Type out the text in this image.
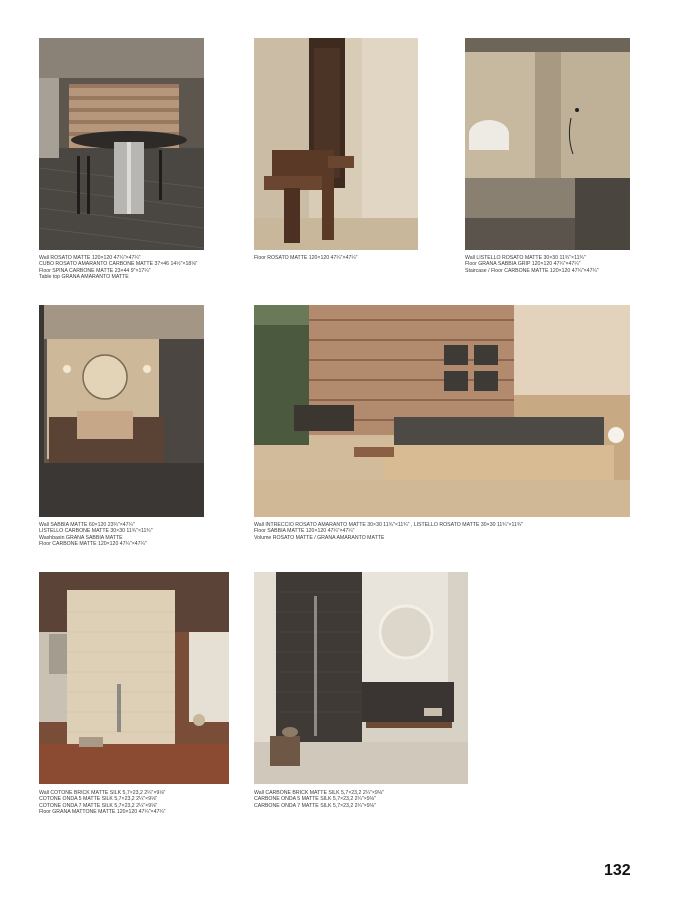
Wall ROSATO MATTE 120×120 47¼"×47¼"
CUBO ROSATO AMARANTO CARBONE MATTE 37×46 14½"×18⅛"
Floor SPINA CARBONE MATTE 23×44 9"×17¼"
Table top GRANA AMARANTO MATTE
Floor ROSATO MATTE 120×120 47¼"×47¼"	Wall LISTELLO ROSATO MATTE 30×30 11¾"×11¾"
Floor GRANA SABBIA GRIP 120×120 47¼"×47¼"
Staircase / Floor CARBONE MATTE 120×120 47¼"×47¼"
Wall SABBIA MATTE 60×120 23¾"×47¼"
LISTELLO CARBONE MATTE 30×30 11¾"×11¾"
Washbasin GRANA SABBIA MATTE
Floor CARBONE MATTE 120×120 47¼"×47¼"
Wall INTRECCIO ROSATO AMARANTO MATTE 30×30 11¾"×11¾" , LISTELLO ROSATO MATTE 30×30 11¾"×11¾"
Floor SABBIA MATTE 120×120 47¼"×47¼"
Volume ROSATO MATTE / GRANA AMARANTO MATTE
Wall COTONE BRICK MATTE SILK 5,7×23,2 2¼"×9⅛"
COTONE ONDA 5 MATTE SILK 5,7×23,2 2¼"×9⅛"
COTONE ONDA 7 MATTE SILK 5,7×23,2 2¼"×9⅛"
Floor GRANA MATTONE MATTE 120×120 47¼"×47¼"
Wall CARBONE BRICK MATTE SILK 5,7×23,2 2¼"×9⅛"
CARBONE ONDA 5 MATTE SILK 5,7×23,2 2¼"×9⅛"
CARBONE ONDA 7 MATTE SILK 5,7×23,2 2¼"×9⅛"
132
